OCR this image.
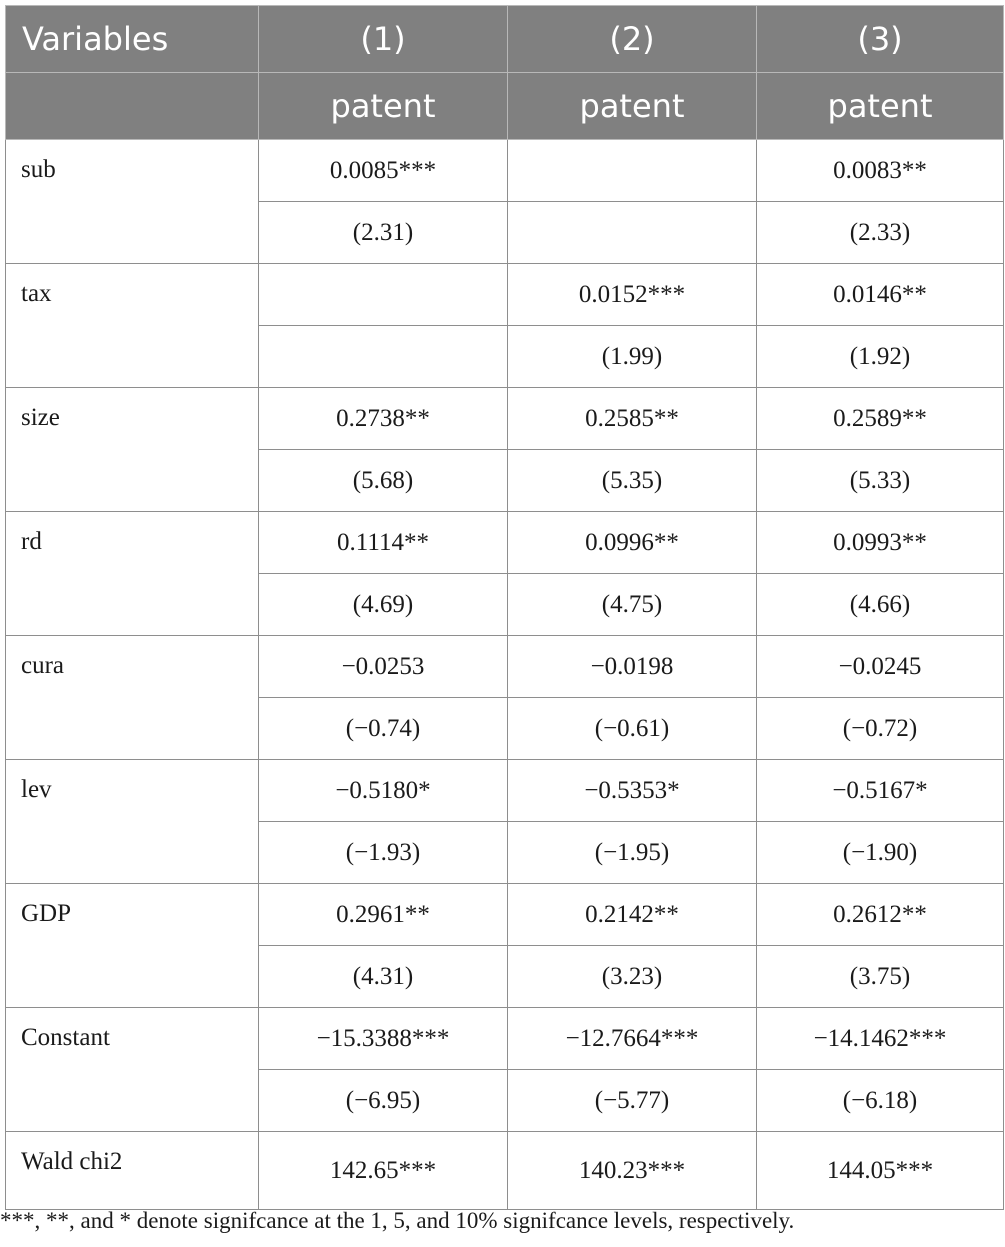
Variables	(1)	(2)	(3)
	patent	patent	patent
sub	0.0085***		0.0083**
	(2.31)		(2.33)
tax		0.0152***	0.0146**
		(1.99)	(1.92)
size	0.2738**	0.2585**	0.2589**
	(5.68)	(5.35)	(5.33)
rd	0.1114**	0.0996**	0.0993**
	(4.69)	(4.75)	(4.66)
cura	−0.0253	−0.0198	−0.0245
	(−0.74)	(−0.61)	(−0.72)
lev	−0.5180*	−0.5353*	−0.5167*
	(−1.93)	(−1.95)	(−1.90)
GDP	0.2961**	0.2142**	0.2612**
	(4.31)	(3.23)	(3.75)
Constant	−15.3388***	−12.7664***	−14.1462***
	(−6.95)	(−5.77)	(−6.18)
Wald chi2	142.65***	140.23***	144.05***
***, **, and * denote signifcance at the 1, 5, and 10% signifcance levels, respectively.
